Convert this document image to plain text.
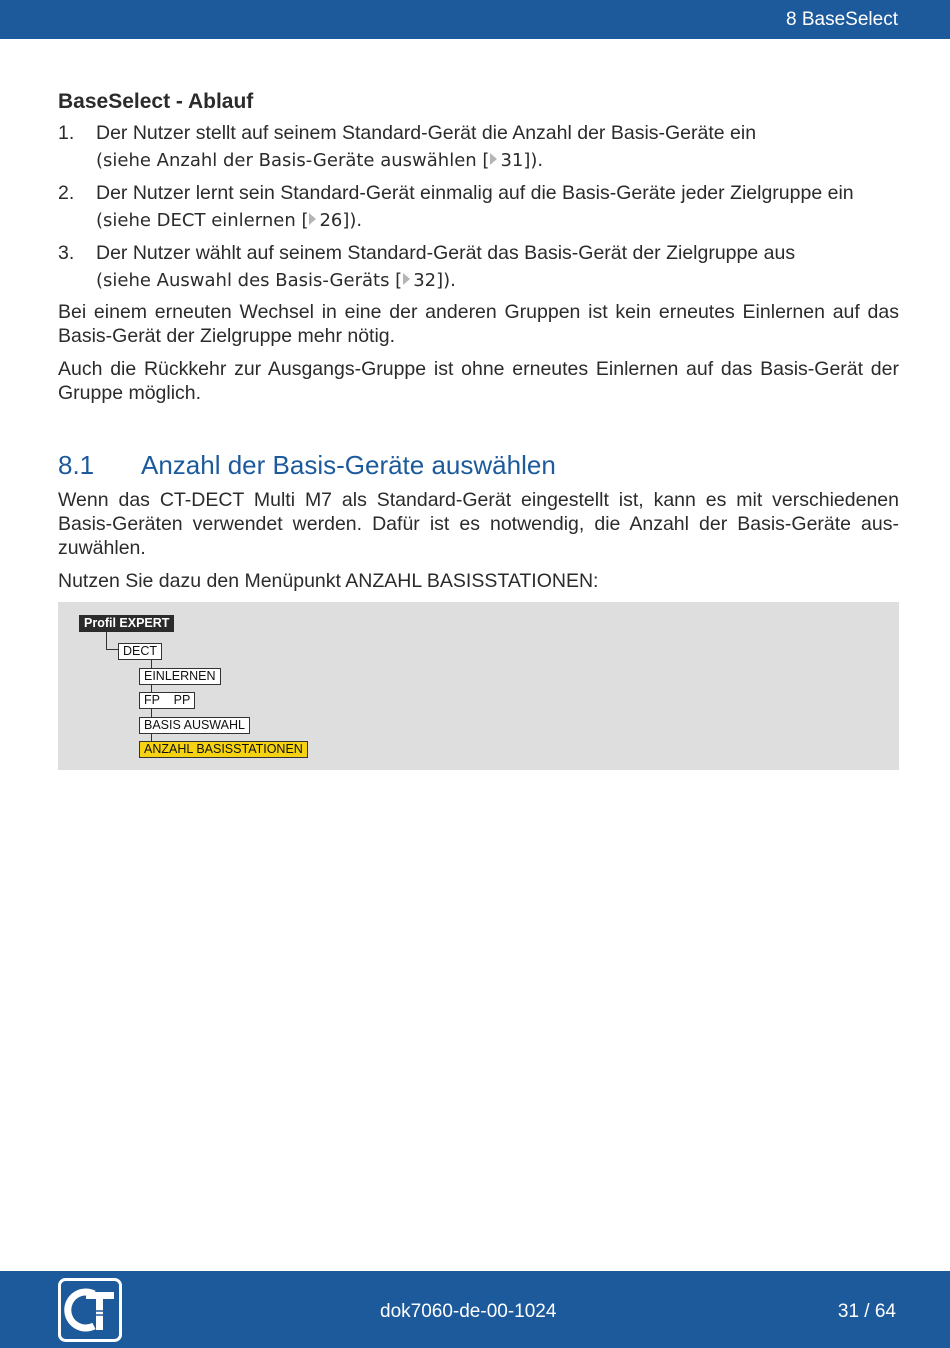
8 BaseSelect
BaseSelect - Ablauf
1. Der Nutzer stellt auf seinem Standard-Gerät die Anzahl der Basis-Geräte ein
(siehe Anzahl der Basis-Geräte auswählen [ 31]).
2. Der Nutzer lernt sein Standard-Gerät einmalig auf die Basis-Geräte jeder Zielgruppe ein
(siehe DECT einlernen [ 26]).
3. Der Nutzer wählt auf seinem Standard-Gerät das Basis-Gerät der Zielgruppe aus
(siehe Auswahl des Basis-Geräts [ 32]).

Bei einem erneuten Wechsel in eine der anderen Gruppen ist kein erneutes Einlernen auf das Basis-Gerät der Zielgruppe mehr nötig.

Auch die Rückkehr zur Ausgangs-Gruppe ist ohne erneutes Einlernen auf das Basis-Gerät der Gruppe möglich.

8.1 Anzahl der Basis-Geräte auswählen

Wenn das CT-DECT Multi M7 als Standard-Gerät eingestellt ist, kann es mit verschiedenen Basis-Geräten verwendet werden. Dafür ist es notwendig, die Anzahl der Basis-Geräte auszuwählen.

Nutzen Sie dazu den Menüpunkt ANZAHL BASISSTATIONEN:

Profil EXPERT
DECT
EINLERNEN
FP    PP
BASIS AUSWAHL
ANZAHL BASISSTATIONEN
dok7060-de-00-1024	31 / 64
